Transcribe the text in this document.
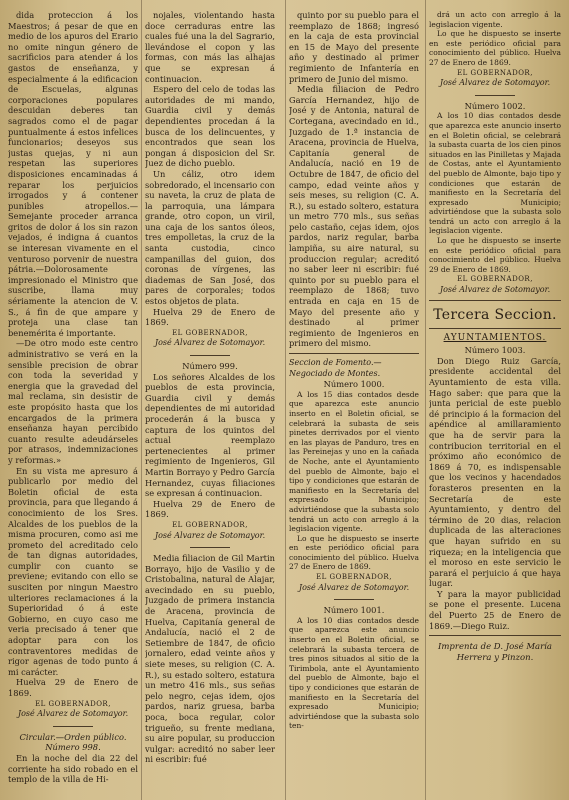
dida proteccion á los Maestros; á pesar de que en medio de los apuros del Erario no omite ningun género de sacrificios para atender á los gastos de enseñanza, y especialmente á la edificacion de Escuelas, algunas corporaciones populares descuidan deberes tan sagrados como el de pagar puntualmente á estos infelices funcionarios; deseyos sus justas quejas, y ni aun respetan las superiores disposiciones encaminadas á reparar los perjuicios irrogados y á contener punibles atropellos.—Semejante proceder arranca gritos de dolor á los sin razon vejados, é indigna á cuantos se interesan vivamente en el venturoso porvenir de nuestra pátria.—Dolorosamente impresionado el Ministro que suscribe, llama muy sériamente la atencion de V. S., á fin de que ampare y proteja una clase tan benemérita é importante.

—De otro modo este centro administrativo se verá en la sensible precision de obrar con toda la severidad y energia que la gravedad del mal reclama, sin desistir de este propósito hasta que los encargados de la primera enseñanza hayan percibido cuanto resulte adeudárseles por atrasos, indemnizaciones y reformas.»

En su vista me apresuro á publicarlo por medio del Boletin oficial de esta provincia, para que llegando á conocimiento de los Sres. Alcaldes de los pueblos de la misma procuren, como asi me prometo del acreditado celo de tan dignas autoridades, cumplir con cuanto se previene; evitando con ello se susciten por ningun Maestro ulteriores reclamaciones á la Superioridad ó á este Gobierno, en cuyo caso me veria precisado á tener que adoptar para con los contraventores medidas de rigor agenas de todo punto á mi carácter.

Huelva 29 de Enero de 1869.

EL GOBERNADOR,

José Alvarez de Sotomayor.

Circular.—Orden público. Número 998.

En la noche del dia 22 del corriente ha sido robado en el templo de la villa de Hi-

nojales, violentando hasta doce cerraduras entre las cuales fué una la del Sagrario, llevándose el copon y las formas, con más las alhajas que se expresan á continuacion.

Espero del celo de todas las autoridades de mi mando, Guardia civil y demás dependientes procedan á la busca de los delincuentes, y encontrados que sean los pongan á disposicion del Sr. Juez de dicho pueblo.

Un cáliz, otro idem sobredorado, el incensario con su naveta, la cruz de plata de la parroquia, una lámpara grande, otro copon, un viril, una caja de los santos óleos, tres empolletas, la cruz de la santa custodia, cinco campanillas del guion, dos coronas de vírgenes, las diademas de San José, dos pares de corporales; todos estos objetos de plata.

Huelva 29 de Enero de 1869.

EL GOBERNADOR,

José Alvarez de Sotomayor.

Número 999.

Los señores Alcaldes de los pueblos de esta provincia, Guardia civil y demás dependientes de mi autoridad procederán á la busca y captura de los quintos del actual reemplazo pertenecientes al primer regimiento de Ingenieros, Gil Martin Borrayo y Pedro García Hernandez, cuyas filiaciones se expresan á continuacion.

Huelva 29 de Enero de 1869.

EL GOBERNADOR,

José Alvarez de Sotomayor.

Media filiacion de Gil Martin Borrayo, hijo de Vasilio y de Cristobalina, natural de Alajar, avecindado en su pueblo, Juzgado de primera instancia de Aracena, provincia de Huelva, Capitanía general de Andalucía, nació el 2 de Setiembre de 1847, de oficio jornalero, edad veinte años y siete meses, su religion (C. A. R.), su estado soltero, estatura un metro 416 mls., sus señas pelo negro, cejas idem, ojos pardos, nariz gruesa, barba poca, boca regular, color trigueño, su frente mediana, su aire popular, su produccion vulgar: acreditó no saber leer ni escribir: fué

quinto por su pueblo para el reemplazo de 1868; ingresó en la caja de esta provincial en 15 de Mayo del presente año y destinado al primer regimiento de Infantería en primero de Junio del mismo.

Media filiacion de Pedro García Hernandez, hijo de José y de Antonia, natural de Cortegana, avecindado en id., Juzgado de 1.ª instancia de Aracena, provincia de Huelva, Capitanía general de Andalucía, nació en 19 de Octubre de 1847, de oficio del campo, edad veinte años y seis meses, su religion (C. A. R.), su estado soltero, estatura un metro 770 mls., sus señas pelo castaño, cejas idem, ojos pardos, nariz regular, barba lampiña, su aire natural, su produccion regular; acreditó no saber leer ni escribir: fué quinto por su pueblo para el reemplazo de 1868; tuvo entrada en caja en 15 de Mayo del presente año y destinado al primer regimiento de Ingenieros en primero del mismo.

Seccion de Fomento.—Negociado de Montes.

Número 1000.

A los 15 dias contados desde que aparezca este anuncio inserto en el Boletin oficial, se celebrará la subasta de seis pinetes derrivados por el viento en las playas de Panduro, tres en las Pereinejas y uno en la cañada de Noche, ante el Ayuntamiento del pueblo de Almonte, bajo el tipo y condiciones que estarán de manifiesto en la Secretaría del expresado Municipio; advirtiéndose que la subasta solo tendrá un acto con arreglo á la legislacion vigente.

Lo que he dispuesto se inserte en este periódico oficial para conocimiento del público. Huelva 27 de Enero de 1869.

EL GOBERNADOR,

José Alvarez de Sotomayor.

Número 1001.

A los 10 dias contados desde que aparezca este anuncio inserto en el Boletin oficial, se celebrará la subasta tercera de tres pinos situados al sitio de la Tirimbola, ante el Ayuntamiento del pueblo de Almonte, bajo el tipo y condiciones que estarán de manifiesto en la Secretaría del expresado Municipio; advirtiéndose que la subasta solo ten-

drá un acto con arreglo á la legislacion vigente.

Lo que he dispuesto se inserte en este periódico oficial para conocimiento del público. Huelva 27 de Enero de 1869.

EL GOBERNADOR,

José Alvarez de Sotomayor.

Número 1002.

A los 10 dias contados desde que aparezca este anuncio inserto en el Boletin oficial, se celebrará la subasta cuarta de los cien pinos situados en las Pinilletas y Majada de Costas, ante el Ayuntamiento del pueblo de Almonte, bajo tipo y condiciones que estarán de manifiesto en la Secretaría del expresado Municipio; advirtiéndose que la subasta solo tendrá un acto con arreglo á la legislacion vigente.

Lo que he dispuesto se inserte en este periódico oficial para conocimiento del público. Huelva 29 de Enero de 1869.

EL GOBERNADOR,

José Alvarez de Sotomayor.

Tercera Seccion.
AYUNTAMIENTOS.

Número 1003.

Don Diego Ruiz García, presidente accidental del Ayuntamiento de esta villa. Hago saber: que para que la junta pericial de este pueblo dé principio á la formacion del apéndice al amillaramiento que ha de servir para la contribucion territorial en el próximo año económico de 1869 á 70, es indispensable que los vecinos y hacendados forasteros presenten en la Secretaría de este Ayuntamiento, y dentro del término de 20 dias, relacion duplicada de las alteraciones que hayan sufrido en su riqueza; en la inteligencia que el moroso en este servicio le parará el perjuicio á que haya lugar.

Y para la mayor publicidad se pone el presente. Lucena del Puerto 25 de Enero de 1869.—Diego Ruiz.

Imprenta de D. José María
Herrera y Pinzon.
